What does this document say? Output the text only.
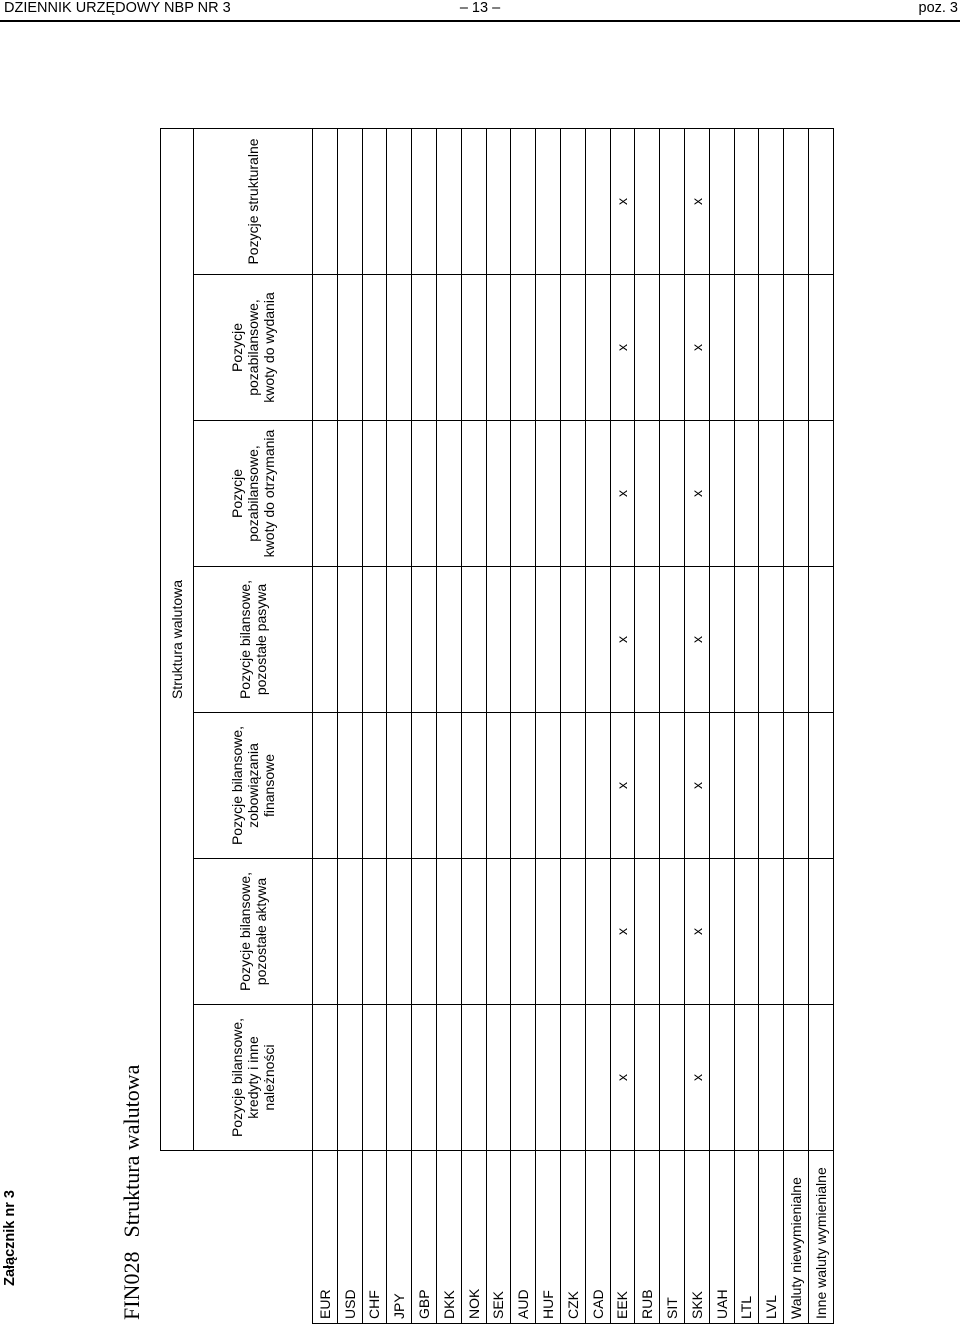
DZIENNIK URZĘDOWY NBP NR 3	– 13 –	poz. 3
Załącznik nr 3	FIN028Struktura walutowa
	Struktura walutowa						
	Pozycje bilansowe, kredyty i inne należności	Pozycje bilansowe, pozostałe aktywa	Pozycje bilansowe, zobowiązania finansowe	Pozycje bilansowe, pozostałe pasywa	Pozycje pozabilansowe, kwoty do otrzymania	Pozycje pozabilansowe, kwoty do wydania	Pozycje strukturalne
EUR							
USD							
CHF							
JPY							
GBP							
DKK							
NOK							
SEK							
AUD							
HUF							
CZK							
CAD							
EEK	x	x	x	x	x	x	x
RUB							
SIT							
SKK	x	x	x	x	x	x	x
UAH							
LTL							
LVL							
Waluty niewymienialne							
Inne waluty wymienialne							
